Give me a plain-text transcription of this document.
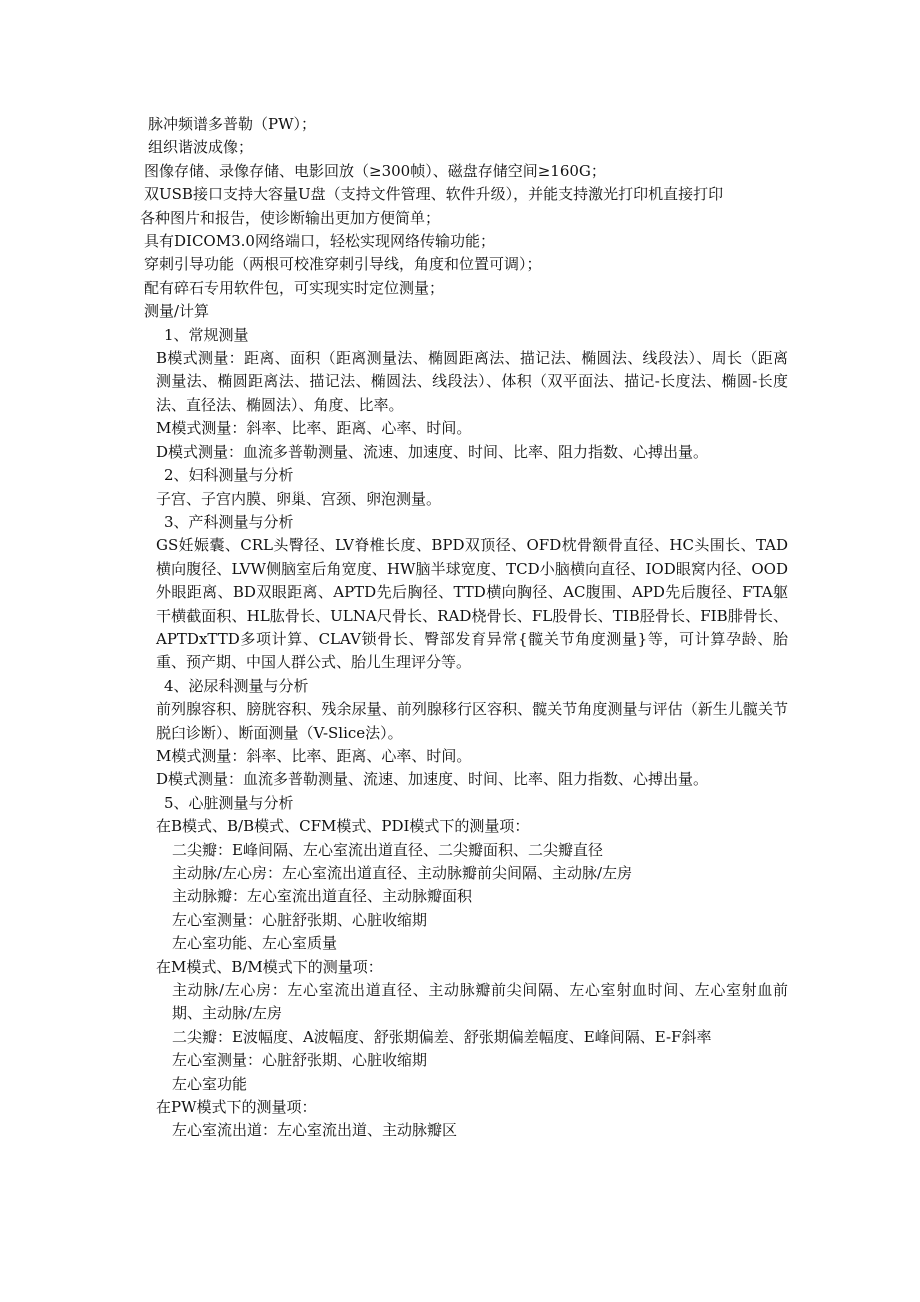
脉冲频谱多普勒（PW）；

组织谐波成像；

图像存储、录像存储、电影回放（≥300帧）、磁盘存储空间≥160G；

双USB接口支持大容量U盘（支持文件管理、软件升级），并能支持激光打印机直接打印

各种图片和报告，使诊断输出更加方便简单；

具有DICOM3.0网络端口，轻松实现网络传输功能；

穿刺引导功能（两根可校准穿刺引导线，角度和位置可调）；

配有碎石专用软件包，可实现实时定位测量；

测量/计算

1、常规测量

B模式测量：距离、面积（距离测量法、椭圆距离法、描记法、椭圆法、线段法）、周长（距离测量法、椭圆距离法、描记法、椭圆法、线段法）、体积（双平面法、描记-长度法、椭圆-长度法、直径法、椭圆法）、角度、比率。

M模式测量：斜率、比率、距离、心率、时间。

D模式测量：血流多普勒测量、流速、加速度、时间、比率、阻力指数、心搏出量。

2、妇科测量与分析

子宫、子宫内膜、卵巢、宫颈、卵泡测量。

3、产科测量与分析

GS妊娠囊、CRL头臀径、LV脊椎长度、BPD双顶径、OFD枕骨额骨直径、HC头围长、TAD横向腹径、LVW侧脑室后角宽度、HW脑半球宽度、TCD小脑横向直径、IOD眼窝内径、OOD外眼距离、BD双眼距离、APTD先后胸径、TTD横向胸径、AC腹围、APD先后腹径、FTA躯干横截面积、HL肱骨长、ULNA尺骨长、RAD桡骨长、FL股骨长、TIB胫骨长、FIB腓骨长、APTDxTTD多项计算、CLAV锁骨长、臀部发育异常{髋关节角度测量}等，可计算孕龄、胎重、预产期、中国人群公式、胎儿生理评分等。

4、泌尿科测量与分析

前列腺容积、膀胱容积、残余尿量、前列腺移行区容积、髋关节角度测量与评估（新生儿髋关节脱臼诊断）、断面测量（V-Slice法）。

M模式测量：斜率、比率、距离、心率、时间。

D模式测量：血流多普勒测量、流速、加速度、时间、比率、阻力指数、心搏出量。

5、心脏测量与分析

在B模式、B/B模式、CFM模式、PDI模式下的测量项：

二尖瓣：E峰间隔、左心室流出道直径、二尖瓣面积、二尖瓣直径

主动脉/左心房：左心室流出道直径、主动脉瓣前尖间隔、主动脉/左房

主动脉瓣：左心室流出道直径、主动脉瓣面积

左心室测量：心脏舒张期、心脏收缩期

左心室功能、左心室质量

在M模式、B/M模式下的测量项：

主动脉/左心房：左心室流出道直径、主动脉瓣前尖间隔、左心室射血时间、左心室射血前期、主动脉/左房

二尖瓣：E波幅度、A波幅度、舒张期偏差、舒张期偏差幅度、E峰间隔、E-F斜率

左心室测量：心脏舒张期、心脏收缩期

左心室功能

在PW模式下的测量项：

左心室流出道：左心室流出道、主动脉瓣区
